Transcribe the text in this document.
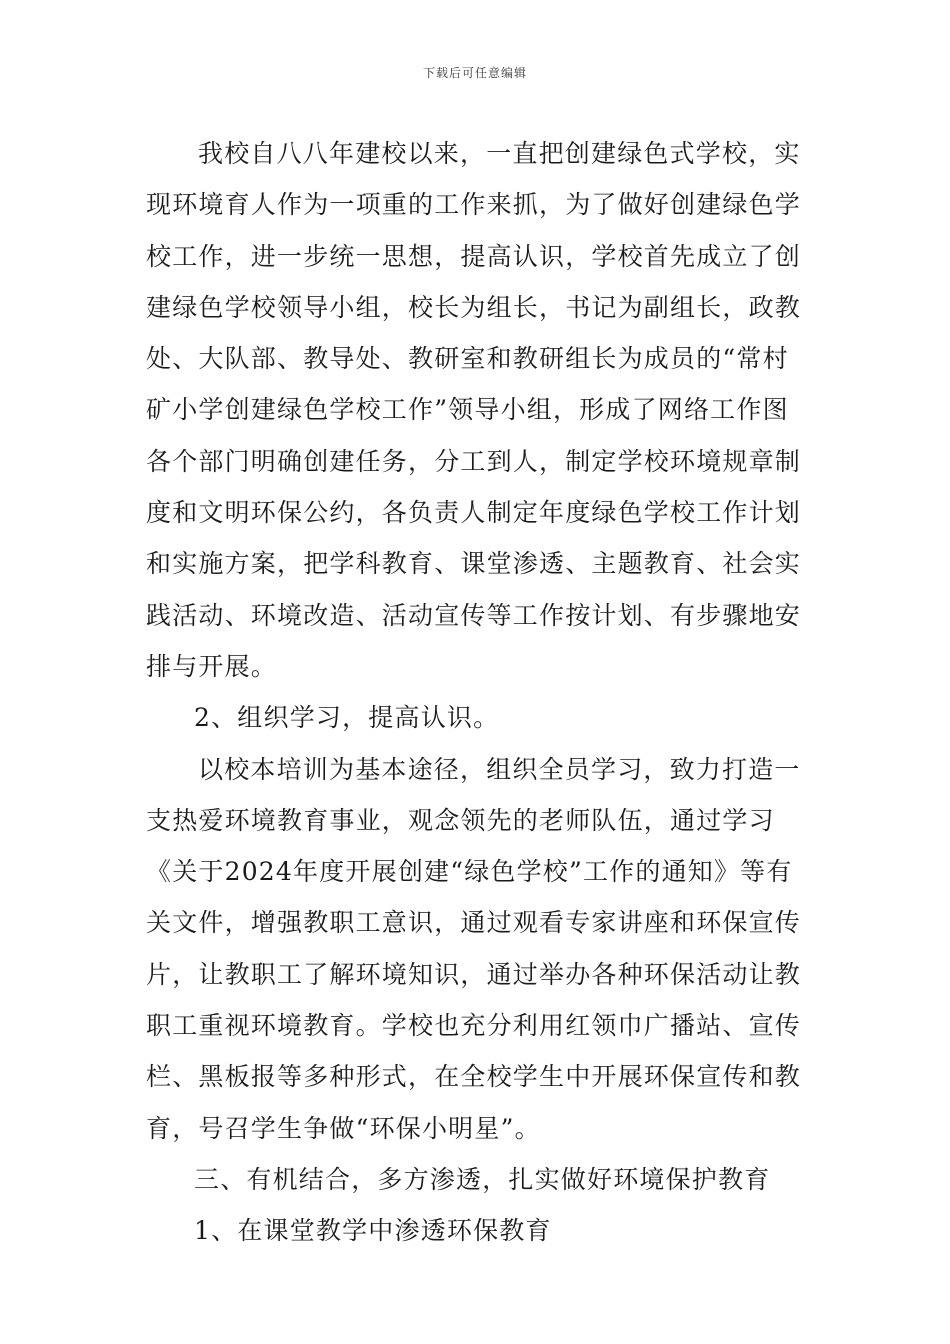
下载后可任意编辑
我校自八八年建校以来，一直把创建绿色式学校，实
现环境育人作为一项重的工作来抓，为了做好创建绿色学
校工作，进一步统一思想，提高认识，学校首先成立了创
建绿色学校领导小组，校长为组长，书记为副组长，政教
处、大队部、教导处、教研室和教研组长为成员的“常村
矿小学创建绿色学校工作”领导小组，形成了网络工作图
各个部门明确创建任务，分工到人，制定学校环境规章制
度和文明环保公约，各负责人制定年度绿色学校工作计划
和实施方案，把学科教育、课堂渗透、主题教育、社会实
践活动、环境改造、活动宣传等工作按计划、有步骤地安
排与开展。
2、组织学习，提高认识。
以校本培训为基本途径，组织全员学习，致力打造一
支热爱环境教育事业，观念领先的老师队伍，通过学习
《关于2024年度开展创建“绿色学校”工作的通知》等有
关文件，增强教职工意识，通过观看专家讲座和环保宣传
片，让教职工了解环境知识，通过举办各种环保活动让教
职工重视环境教育。学校也充分利用红领巾广播站、宣传
栏、黑板报等多种形式，在全校学生中开展环保宣传和教
育，号召学生争做“环保小明星”。
三、有机结合，多方渗透，扎实做好环境保护教育
1、在课堂教学中渗透环保教育
